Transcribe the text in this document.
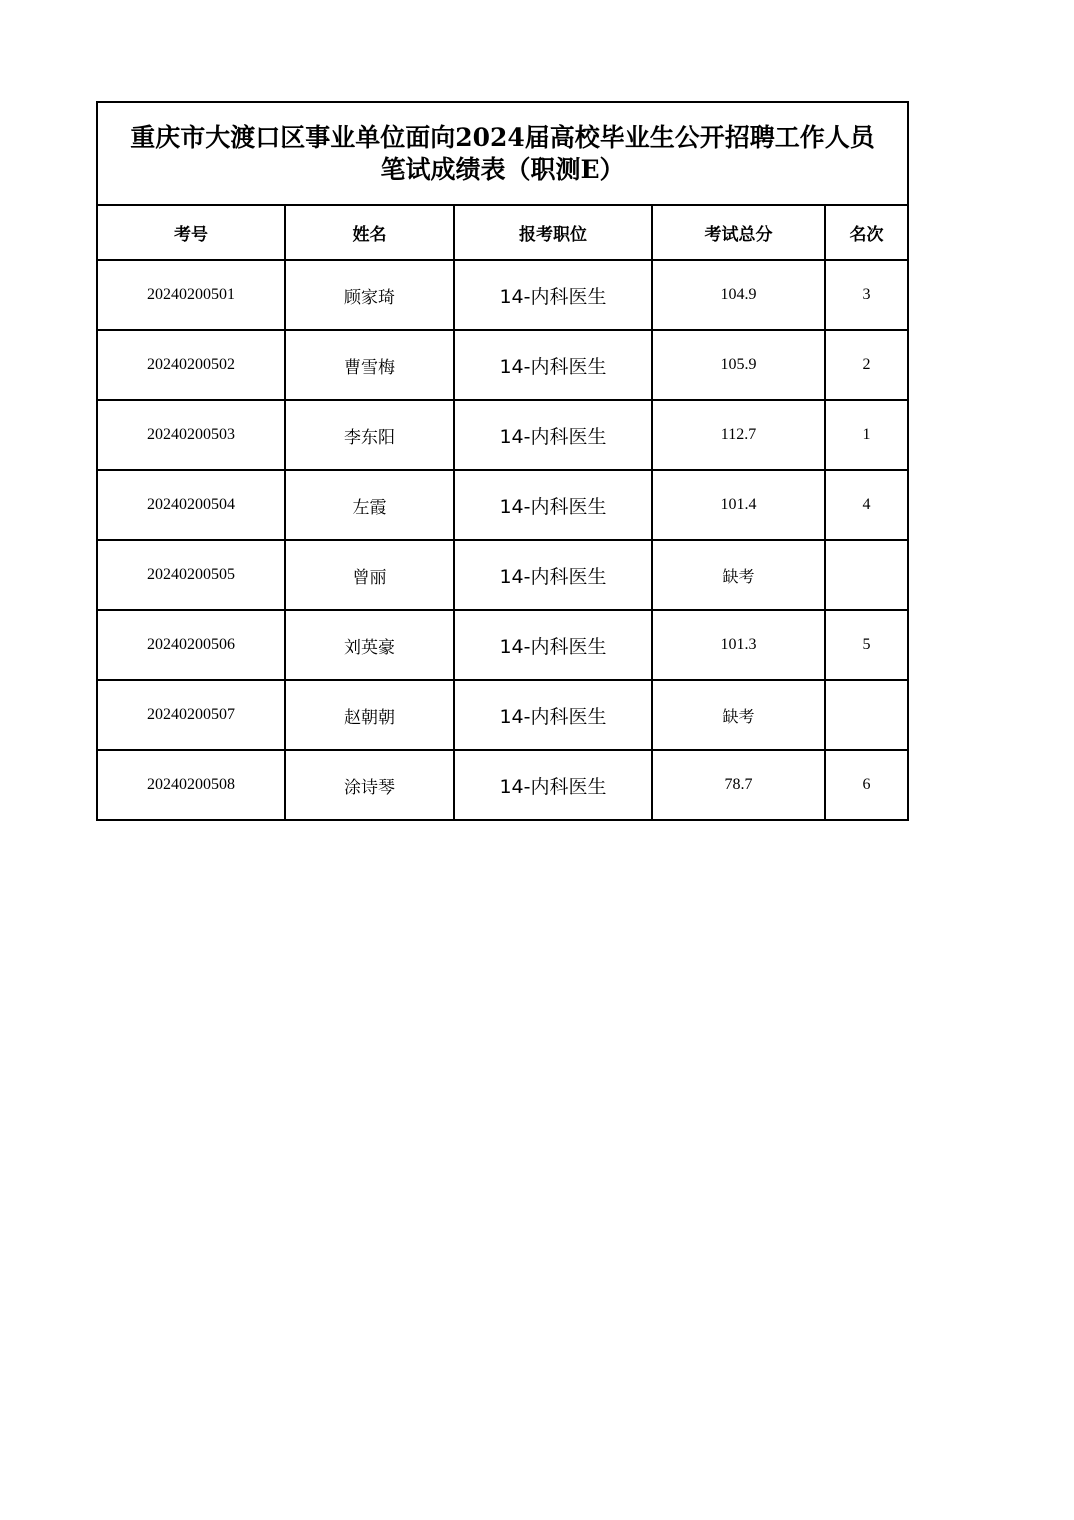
重庆市大渡口区事业单位面向2024届高校毕业生公开招聘工作人员
笔试成绩表（职测E）				

考号	姓名	报考职位	考试总分	名次
20240200501	顾家琦	14-内科医生	104.9	3
20240200502	曹雪梅	14-内科医生	105.9	2
20240200503	李东阳	14-内科医生	112.7	1
20240200504	左霞	14-内科医生	101.4	4
20240200505	曾丽	14-内科医生	缺考	
20240200506	刘英豪	14-内科医生	101.3	5
20240200507	赵朝朝	14-内科医生	缺考	
20240200508	涂诗琴	14-内科医生	78.7	6
